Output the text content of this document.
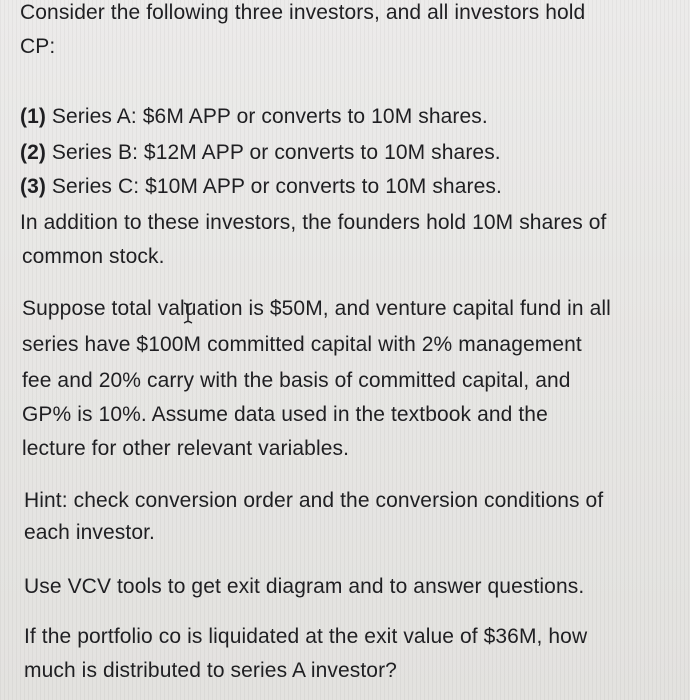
Consider the following three investors, and all investors hold
CP:
(1) Series A: $6M APP or converts to 10M shares.
(2) Series B: $12M APP or converts to 10M shares.
(3) Series C: $10M APP or converts to 10M shares.
In addition to these investors, the founders hold 10M shares of
common stock.
Suppose total valuation is $50M, and venture capital fund in all
series have $100M committed capital with 2% management
fee and 20% carry with the basis of committed capital, and
GP% is 10%. Assume data used in the textbook and the
lecture for other relevant variables.
Hint: check conversion order and the conversion conditions of
each investor.
Use VCV tools to get exit diagram and to answer questions.
If the portfolio co is liquidated at the exit value of $36M, how
much is distributed to series A investor?
